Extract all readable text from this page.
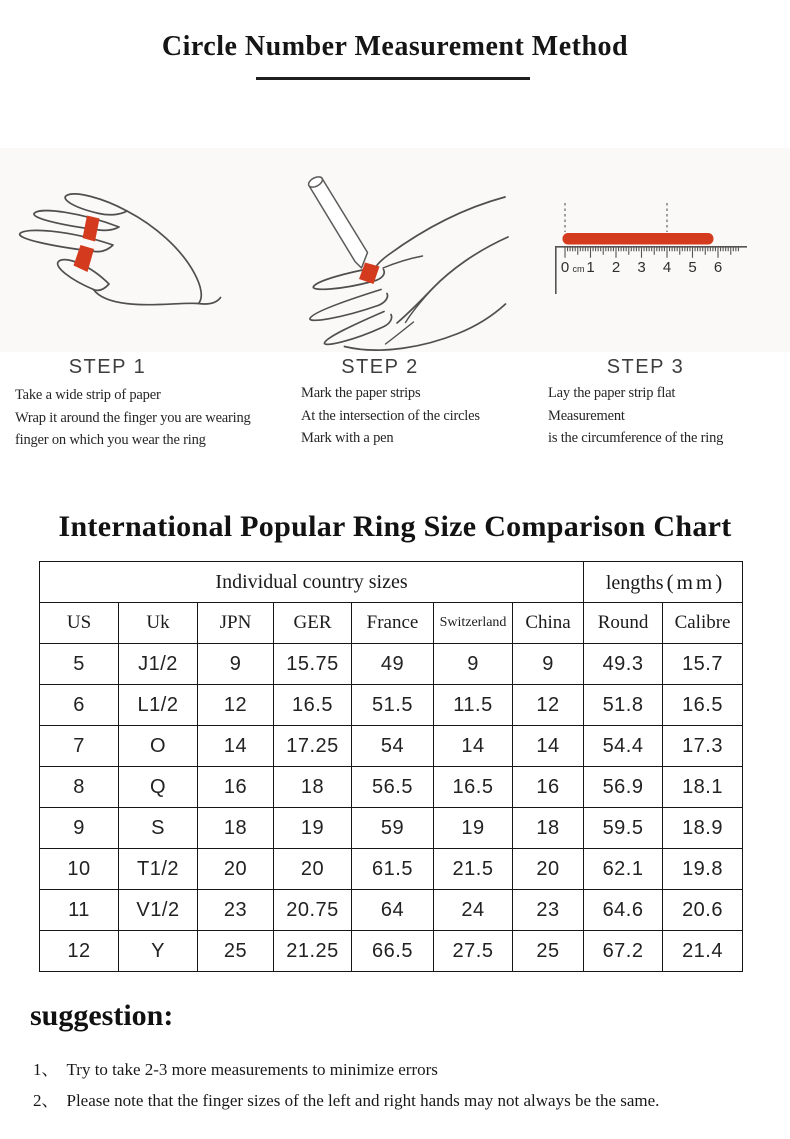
Circle Number Measurement Method
0 cm 1 2 3 4 5 6
STEP 1	STEP 2	STEP 3
Take a wide strip of paper
Wrap it around the finger you are wearing
finger on which you wear the ring
Mark the paper strips
At the intersection of the circles
Mark with a pen
Lay the paper strip flat
Measurement
is the circumference of the ring
International Popular Ring Size Comparison Chart
Individual country sizes							lengths (mm)	
US	Uk	JPN	GER	France	Switzerland	China	Round	Calibre
5	J1/2	9	15.75	49	9	9	49.3	15.7
6	L1/2	12	16.5	51.5	11.5	12	51.8	16.5
7	O	14	17.25	54	14	14	54.4	17.3
8	Q	16	18	56.5	16.5	16	56.9	18.1
9	S	18	19	59	19	18	59.5	18.9
10	T1/2	20	20	61.5	21.5	20	62.1	19.8
11	V1/2	23	20.75	64	24	23	64.6	20.6
12	Y	25	21.25	66.5	27.5	25	67.2	21.4
suggestion:
1、 Try to take 2-3 more measurements to minimize errors
2、 Please note that the finger sizes of the left and right hands may not always be the same.
